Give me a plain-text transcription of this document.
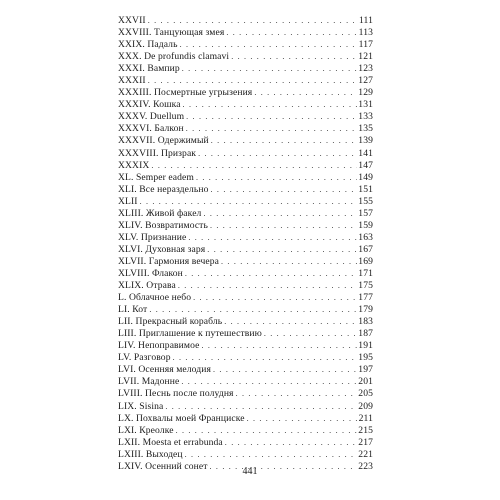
XXVII . . .	111
XXVIII. Танцующая змея . . .	113
XXIX. Падаль . . .	117
XXX. De profundis clamavi . . .	121
XXXI. Вампир . . .	123
XXXII . . .	127
XXXIII. Посмертные угрызения . . .	129
XXXIV. Кошка . . .	131
XXXV. Duellum . . .	133
XXXVI. Балкон . . .	135
XXXVII. Одержимый . . .	139
XXXVIII. Призрак . . .	141
XXXIX . . .	147
XL. Semper eadem . . .	149
XLI. Все нераздельно . . .	151
XLII . . .	155
XLIII. Живой факел . . .	157
XLIV. Возвратимость . . .	159
XLV. Признание . . .	163
XLVI. Духовная заря . . .	167
XLVII. Гармония вечера . . .	169
XLVIII. Флакон . . .	171
XLIX. Отрава . . .	175
L. Облачное небо . . .	177
LI. Кот . . .	179
LII. Прекрасный корабль . . .	183
LIII. Приглашение к путешествию . . .	187
LIV. Непоправимое . . .	191
LV. Разговор . . .	195
LVI. Осенняя мелодия . . .	197
LVII. Мадонне . . .	201
LVIII. Песнь после полудня . . .	205
LIX. Sisina . . .	209
LX. Похвалы моей Франциске . . .	211
LXI. Креолке . . .	215
LXII. Moesta et errabunda . . .	217
LXIII. Выходец . . .	221
LXIV. Осенний сонет . . .	223
441
